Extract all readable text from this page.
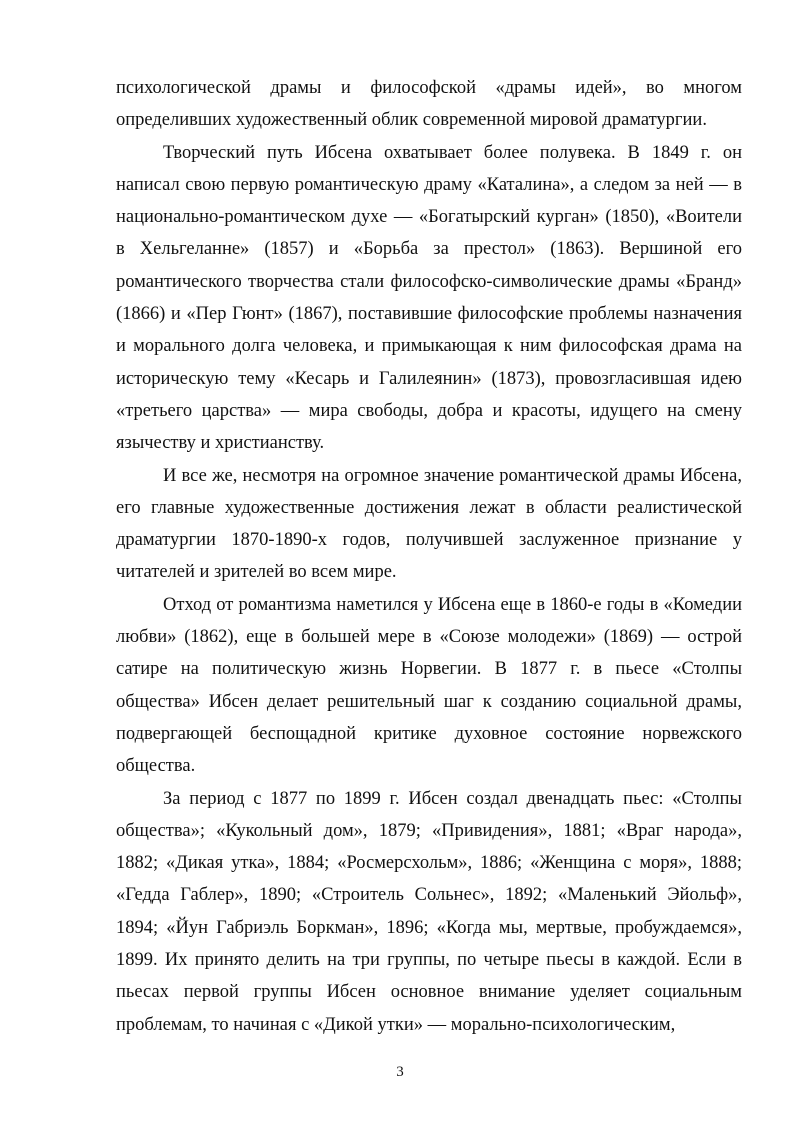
психологической драмы и философской «драмы идей», во многом определивших художественный облик современной мировой драматургии.

Творческий путь Ибсена охватывает более полувека. В 1849 г. он написал свою первую романтическую драму «Каталина», а следом за ней — в национально-романтическом духе — «Богатырский курган» (1850), «Воители в Хельгеланне» (1857) и «Борьба за престол» (1863). Вершиной его романтического творчества стали философско-символические драмы «Бранд» (1866) и «Пер Гюнт» (1867), поставившие философские проблемы назначения и морального долга человека, и примыкающая к ним философская драма на историческую тему «Кесарь и Галилеянин» (1873), провозгласившая идею «третьего царства» — мира свободы, добра и красоты, идущего на смену язычеству и христианству.

И все же, несмотря на огромное значение романтической драмы Ибсена, его главные художественные достижения лежат в области реалистической драматургии 1870-1890-х годов, получившей заслуженное признание у читателей и зрителей во всем мире.

Отход от романтизма наметился у Ибсена еще в 1860-е годы в «Комедии любви» (1862), еще в большей мере в «Союзе молодежи» (1869) — острой сатире на политическую жизнь Норвегии. В 1877 г. в пьесе «Столпы общества» Ибсен делает решительный шаг к созданию социальной драмы, подвергающей беспощадной критике духовное состояние норвежского общества.

За период с 1877 по 1899 г. Ибсен создал двенадцать пьес: «Столпы общества»; «Кукольный дом», 1879; «Привидения», 1881; «Враг народа», 1882; «Дикая утка», 1884; «Росмерсхольм», 1886; «Женщина с моря», 1888; «Гедда Габлер», 1890; «Строитель Сольнес», 1892; «Маленький Эйольф», 1894; «Йун Габриэль Боркман», 1896; «Когда мы, мертвые, пробуждаемся», 1899. Их принято делить на три группы, по четыре пьесы в каждой. Если в пьесах первой группы Ибсен основное внимание уделяет социальным проблемам, то начиная с «Дикой утки» — морально-психологическим,

3
